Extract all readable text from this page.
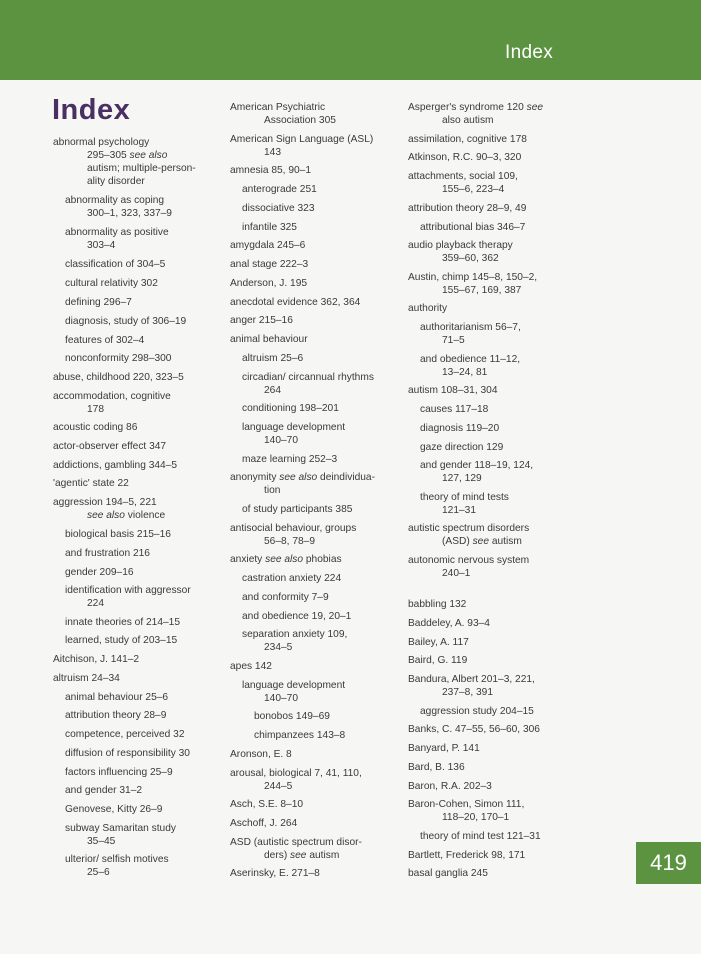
Index
Index
abnormal psychology
295–305 see also
autism; multiple-person-
ality disorder
abnormality as coping
300–1, 323, 337–9
abnormality as positive
303–4
classification of 304–5
cultural relativity 302
defining 296–7
diagnosis, study of 306–19
features of 302–4
nonconformity 298–300
abuse, childhood 220, 323–5
accommodation, cognitive
178
acoustic coding 86
actor-observer effect 347
addictions, gambling 344–5
'agentic' state 22
aggression 194–5, 221
see also violence
biological basis 215–16
and frustration 216
gender 209–16
identification with aggressor
224
innate theories of 214–15
learned, study of 203–15
Aitchison, J. 141–2
altruism 24–34
animal behaviour 25–6
attribution theory 28–9
competence, perceived 32
diffusion of responsibility 30
factors influencing 25–9
and gender 31–2
Genovese, Kitty 26–9
subway Samaritan study
35–45
ulterior/ selfish motives
25–6
American Psychiatric
Association 305
American Sign Language (ASL)
143
amnesia 85, 90–1
anterograde 251
dissociative 323
infantile 325
amygdala 245–6
anal stage 222–3
Anderson, J. 195
anecdotal evidence 362, 364
anger 215–16
animal behaviour
altruism 25–6
circadian/ circannual rhythms
264
conditioning 198–201
language development
140–70
maze learning 252–3
anonymity see also deindividua-
tion
of study participants 385
antisocial behaviour, groups
56–8, 78–9
anxiety see also phobias
castration anxiety 224
and conformity 7–9
and obedience 19, 20–1
separation anxiety 109,
234–5
apes 142
language development
140–70
bonobos 149–69
chimpanzees 143–8
Aronson, E. 8
arousal, biological 7, 41, 110,
244–5
Asch, S.E. 8–10
Aschoff, J. 264
ASD (autistic spectrum disor-
ders) see autism
Aserinsky, E. 271–8
Asperger's syndrome 120 see
also autism
assimilation, cognitive 178
Atkinson, R.C. 90–3, 320
attachments, social 109,
155–6, 223–4
attribution theory 28–9, 49
attributional bias 346–7
audio playback therapy
359–60, 362
Austin, chimp 145–8, 150–2,
155–67, 169, 387
authority
authoritarianism 56–7,
71–5
and obedience 11–12,
13–24, 81
autism 108–31, 304
causes 117–18
diagnosis 119–20
gaze direction 129
and gender 118–19, 124,
127, 129
theory of mind tests
121–31
autistic spectrum disorders
(ASD) see autism
autonomic nervous system
240–1
babbling 132
Baddeley, A. 93–4
Bailey, A. 117
Baird, G. 119
Bandura, Albert 201–3, 221,
237–8, 391
aggression study 204–15
Banks, C. 47–55, 56–60, 306
Banyard, P. 141
Bard, B. 136
Baron, R.A. 202–3
Baron-Cohen, Simon 111,
118–20, 170–1
theory of mind test 121–31
Bartlett, Frederick 98, 171
basal ganglia 245	419
